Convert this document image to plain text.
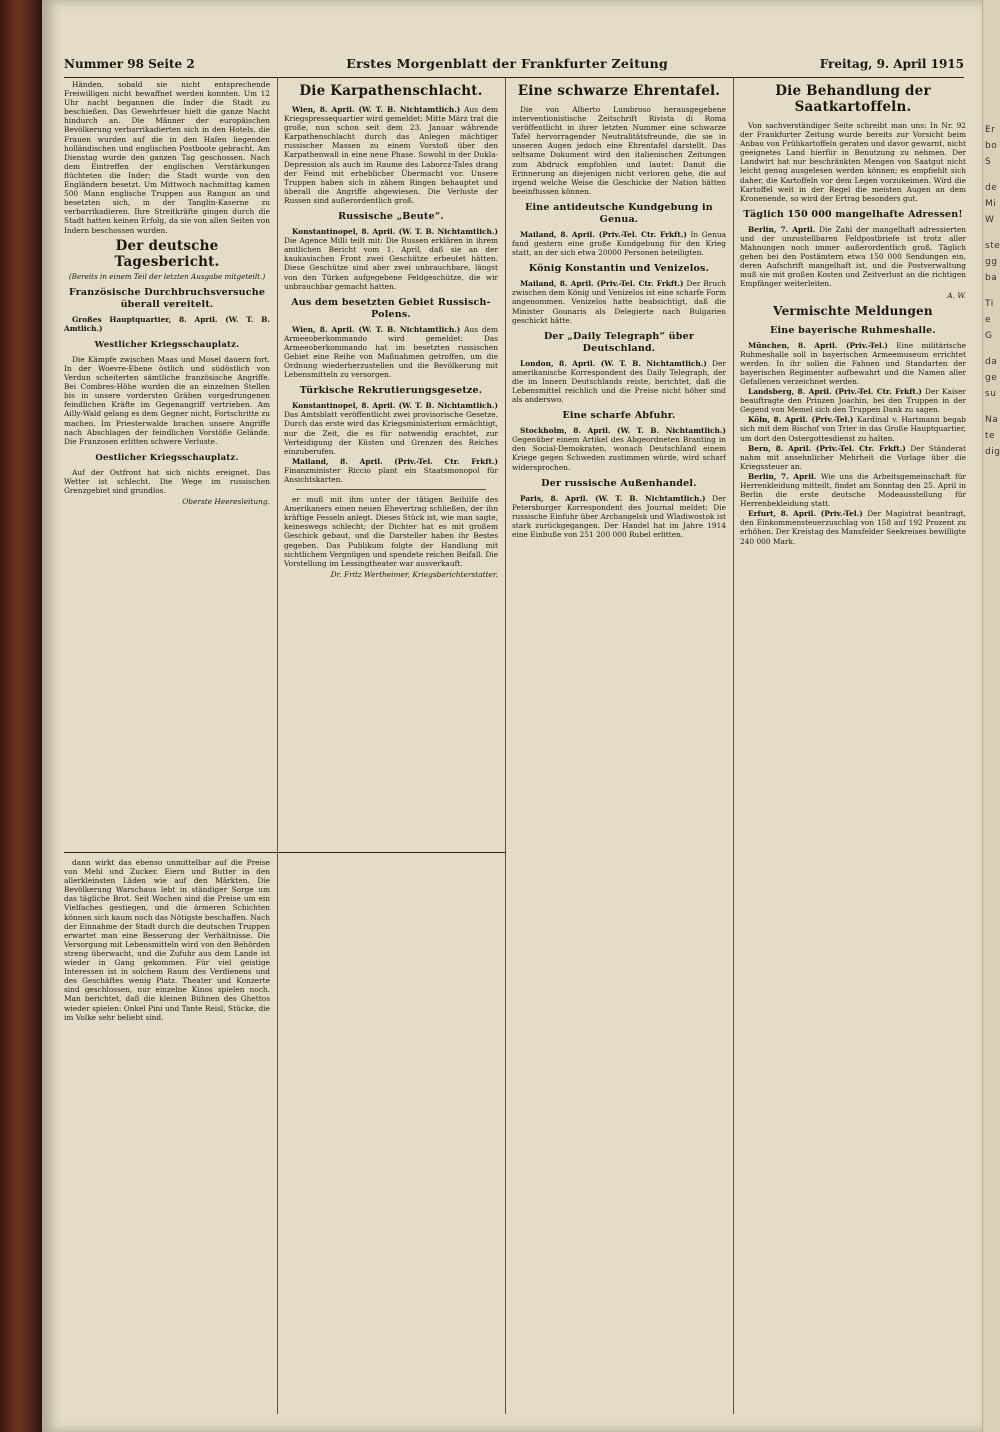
Nummer 98 Seite 2	Erstes Morgenblatt der Frankfurter Zeitung	Freitag, 9. April 1915

Händen, sobald sie nicht entsprechende Freiwilligen nicht bewaffnet werden konnten. Um 12 Uhr nacht begannen die Inder die Stadt zu beschießen. Das Gewehrfeuer hielt die ganze Nacht hindurch an. Die Männer der europäischen Bevölkerung verbarrikadierten sich in den Hotels, die Frauen wurden auf die in den Hafen liegenden holländischen und englischen Postboote gebracht. Am Dienstag wurde den ganzen Tag geschossen. Nach dem Eintreffen der englischen Verstärkungen flüchteten die Inder; die Stadt wurde von den Engländern besetzt. Um Mittwoch nachmittag kamen 500 Mann englische Truppen aus Rangun an und besetzten sich, in der Tanglin-Kaserne zu verbarrikadieren. Ihre Streitkräfte gingen durch die Stadt hatten keinen Erfolg, da sie von allen Seiten von Indern beschossen wurden.

Der deutsche Tagesbericht.
(Bereits in einem Teil der letzten Ausgabe mitgeteilt.)
Französische Durchbruchsversuche überall vereitelt.

Großes Hauptquartier, 8. April. (W. T. B. Amtlich.)

Westlicher Kriegsschauplatz.

Die Kämpfe zwischen Maas und Mosel dauern fort. In der Woevre-Ebene östlich und südöstlich von Verdun scheiterten sämtliche französische Angriffe. Bei Combres-Höhe wurden die an einzelnen Stellen bis in unsere vordersten Gräben vorgedrungenen feindlichen Kräfte im Gegenangriff vertrieben. Am Ailly-Wald gelang es dem Gegner nicht, Fortschritte zu machen. Im Priesterwalde brachen unsere Angriffe nach Abschlagen der feindlichen Vorstöße Gelände. Die Franzosen erlitten schwere Verluste.

Oestlicher Kriegsschauplatz.

Auf der Ostfront hat sich nichts ereignet. Das Wetter ist schlecht. Die Wege im russischen Grenzgebiet sind grundlos.

Oberste Heeresleitung.

dann wirkt das ebenso unmittelbar auf die Preise von Mehl und Zucker. Eiern und Butter in den allerkleinsten Läden wie auf den Märkten. Die Bevölkerung Warschaus lebt in ständiger Sorge um das tägliche Brot. Seit Wochen sind die Preise um ein Vielfaches gestiegen, und die ärmeren Schichten können sich kaum noch das Nötigste beschaffen. Nach der Einnahme der Stadt durch die deutschen Truppen erwartet man eine Besserung der Verhältnisse. Die Versorgung mit Lebensmitteln wird von den Behörden streng überwacht, und die Zufuhr aus dem Lande ist wieder in Gang gekommen. Für viel geistige Interessen ist in solchem Raum des Verdienens und des Geschäftes wenig Platz. Theater und Konzerte sind geschlossen, nur einzelne Kinos spielen noch. Man berichtet, daß die kleinen Bühnen des Ghettos wieder spielen: Onkel Pini und Tante Reisl, Stücke, die im Volke sehr beliebt sind.

Die Karpathenschlacht.

Wien, 8. April. (W. T. B. Nichtamtlich.) Aus dem Kriegspressequartier wird gemeldet: Mitte März trat die große, nun schon seit dem 23. Januar währende Karpathenschlacht durch das Anlegen mächtiger russischer Massen zu einem Vorstoß über den Karpathenwall in eine neue Phase. Sowohl in der Dukla-Depression als auch im Raume des Laborcz-Tales drang der Feind mit erheblicher Übermacht vor. Unsere Truppen haben sich in zähem Ringen behauptet und überall die Angriffe abgewiesen. Die Verluste der Russen sind außerordentlich groß.

Russische „Beute“.

Konstantinopel, 8. April. (W. T. B. Nichtamtlich.) Die Agence Milli teilt mit: Die Russen erklären in ihrem amtlichen Bericht vom 1. April, daß sie an der kaukasischen Front zwei Geschütze erbeutet hätten. Diese Geschütze sind aber zwei unbrauchbare, längst von den Türken aufgegebene Feldgeschütze, die wir unbrauchbar gemacht hatten.

Aus dem besetzten Gebiet Russisch-Polens.

Wien, 8. April. (W. T. B. Nichtamtlich.) Aus dem Armeeoberkommando wird gemeldet: Das Armeeoberkommando hat im besetzten russischen Gebiet eine Reihe von Maßnahmen getroffen, um die Ordnung wiederherzustellen und die Bevölkerung mit Lebensmitteln zu versorgen.

Türkische Rekrutierungsgesetze.

Konstantinopel, 8. April. (W. T. B. Nichtamtlich.) Das Amtsblatt veröffentlicht zwei provisorische Gesetze. Durch das erste wird das Kriegsministerium ermächtigt, nur die Zeit, die es für notwendig erachtet, zur Verteidigung der Küsten und Grenzen des Reiches einzuberufen.

Mailand, 8. April. (Priv.-Tel. Ctr. Frkft.) Finanzminister Riccio plant ein Staatsmonopol für Ansichtskarten.

er muß mit ihm unter der tätigen Beihilfe des Amerikaners einen neuen Ehevertrag schließen, der ihn kräftige Fesseln anlegt. Dieses Stück ist, wie man sagte, keineswegs schlecht; der Dichter hat es mit großem Geschick gebaut, und die Darsteller haben ihr Bestes gegeben. Das Publikum folgte der Handlung mit sichtlichem Vergnügen und spendete reichen Beifall. Die Vorstellung im Lessingtheater war ausverkauft.

Dr. Fritz Wertheimer, Kriegsberichterstatter.
Eine schwarze Ehrentafel.

Die von Alberto Lumbroso herausgegebene interventionistische Zeitschrift Rivista di Roma veröffentlicht in ihrer letzten Nummer eine schwarze Tafel hervorragender Neutralitätsfreunde, die sie in unseren Augen jedoch eine Ehrentafel darstellt. Das seltsame Dokument wird den italienischen Zeitungen zum Abdruck empfohlen und lautet: Damit die Erinnerung an diejenigen nicht verloren gehe, die auf irgend welche Weise die Geschicke der Nation hätten beeinflussen können.

Eine antideutsche Kundgebung in Genua.

Mailand, 8. April. (Priv.-Tel. Ctr. Frkft.) In Genua fand gestern eine große Kundgebung für den Krieg statt, an der sich etwa 20000 Personen beteiligten.

König Konstantin und Venizelos.

Mailand, 8. April. (Priv.-Tel. Ctr. Frkft.) Der Bruch zwischen dem König und Venizelos ist eine scharfe Form angenommen. Venizelos hatte beabsichtigt, daß die Minister Gounaris als Delegierte nach Bulgarien geschickt hätte.

Der „Daily Telegraph“ über Deutschland.

London, 8. April. (W. T. B. Nichtamtlich.) Der amerikanische Korrespondent des Daily Telegraph, der die im Innern Deutschlands reiste, berichtet, daß die Lebensmittel reichlich und die Preise nicht höher sind als anderswo.

Eine scharfe Abfuhr.

Stockholm, 8. April. (W. T. B. Nichtamtlich.) Gegenüber einem Artikel des Abgeordneten Branting in den Social-Demokraten, wonach Deutschland einem Kriege gegen Schweden zustimmen würde, wird scharf widersprochen.

Der russische Außenhandel.

Paris, 8. April. (W. T. B. Nichtamtlich.) Der Petersburger Korrespondent des Journal meldet: Die russische Einfuhr über Archangelsk und Wladiwostok ist stark zurückgegangen. Der Handel hat im Jahre 1914 eine Einbuße von 251 200 000 Rubel erlitten.

Die Behandlung der Saatkartoffeln.

Von sachverständiger Seite schreibt man uns: In Nr. 92 der Frankfurter Zeitung wurde bereits zur Vorsicht beim Anbau von Frühkartoffeln geraten und davor gewarnt, nicht geeignetes Land hierfür in Benutzung zu nehmen. Der Landwirt hat nur beschränkten Mengen von Saatgut nicht leicht genug ausgelesen werden können; es empfiehlt sich daher, die Kartoffeln vor dem Legen vorzukeimen. Wird die Kartoffel weit in der Regel die meisten Augen an dem Kronenende, so wird der Ertrag besonders gut.

Täglich 150 000 mangelhafte Adressen!

Berlin, 7. April. Die Zahl der mangelhaft adressierten und der unzustellbaren Feldpostbriefe ist trotz aller Mahnungen noch immer außerordentlich groß. Täglich gehen bei den Postämtern etwa 150 000 Sendungen ein, deren Aufschrift mangelhaft ist, und die Postverwaltung muß sie mit großen Kosten und Zeitverlust an die richtigen Empfänger weiterleiten.

A. W.
Vermischte Meldungen
Eine bayerische Ruhmeshalle.

München, 8. April. (Priv.-Tel.) Eine militärische Ruhmeshalle soll in bayerischen Armeemuseum errichtet werden. In ihr sollen die Fahnen und Standarten der bayerischen Regimenter aufbewahrt und die Namen aller Gefallenen verzeichnet werden.

Landsberg, 8. April. (Priv.-Tel. Ctr. Frkft.) Der Kaiser beauftragte den Prinzen Joachin, bei den Truppen in der Gegend von Memel sich den Truppen Dank zu sagen.

Köln, 8. April. (Priv.-Tel.) Kardinal v. Hartmann begab sich mit dem Bischof von Trier in das Große Hauptquartier, um dort den Ostergottesdienst zu halten.

Bern, 8. April. (Priv.-Tel. Ctr. Frkft.) Der Ständerat nahm mit ansehnlicher Mehrheit die Vorlage über die Kriegssteuer an.

Berlin, 7. April. Wie uns die Arbeitsgemeinschaft für Herrenkleidung mitteilt, findet am Sonntag den 25. April in Berlin die erste deutsche Modeausstellung für Herrenbekleidung statt.

Erfurt, 8. April. (Priv.-Tel.) Der Magistrat beantragt, den Einkommensteuerzuschlag von 158 auf 192 Prozent zu erhöhen. Der Kreistag des Mansfelder Seekreises bewilligte 240 000 Mark.

Er
bo
S
de
Mi
W
ste
gg
ba
Ti
e
G
da
ge
su
Na
te
dig
